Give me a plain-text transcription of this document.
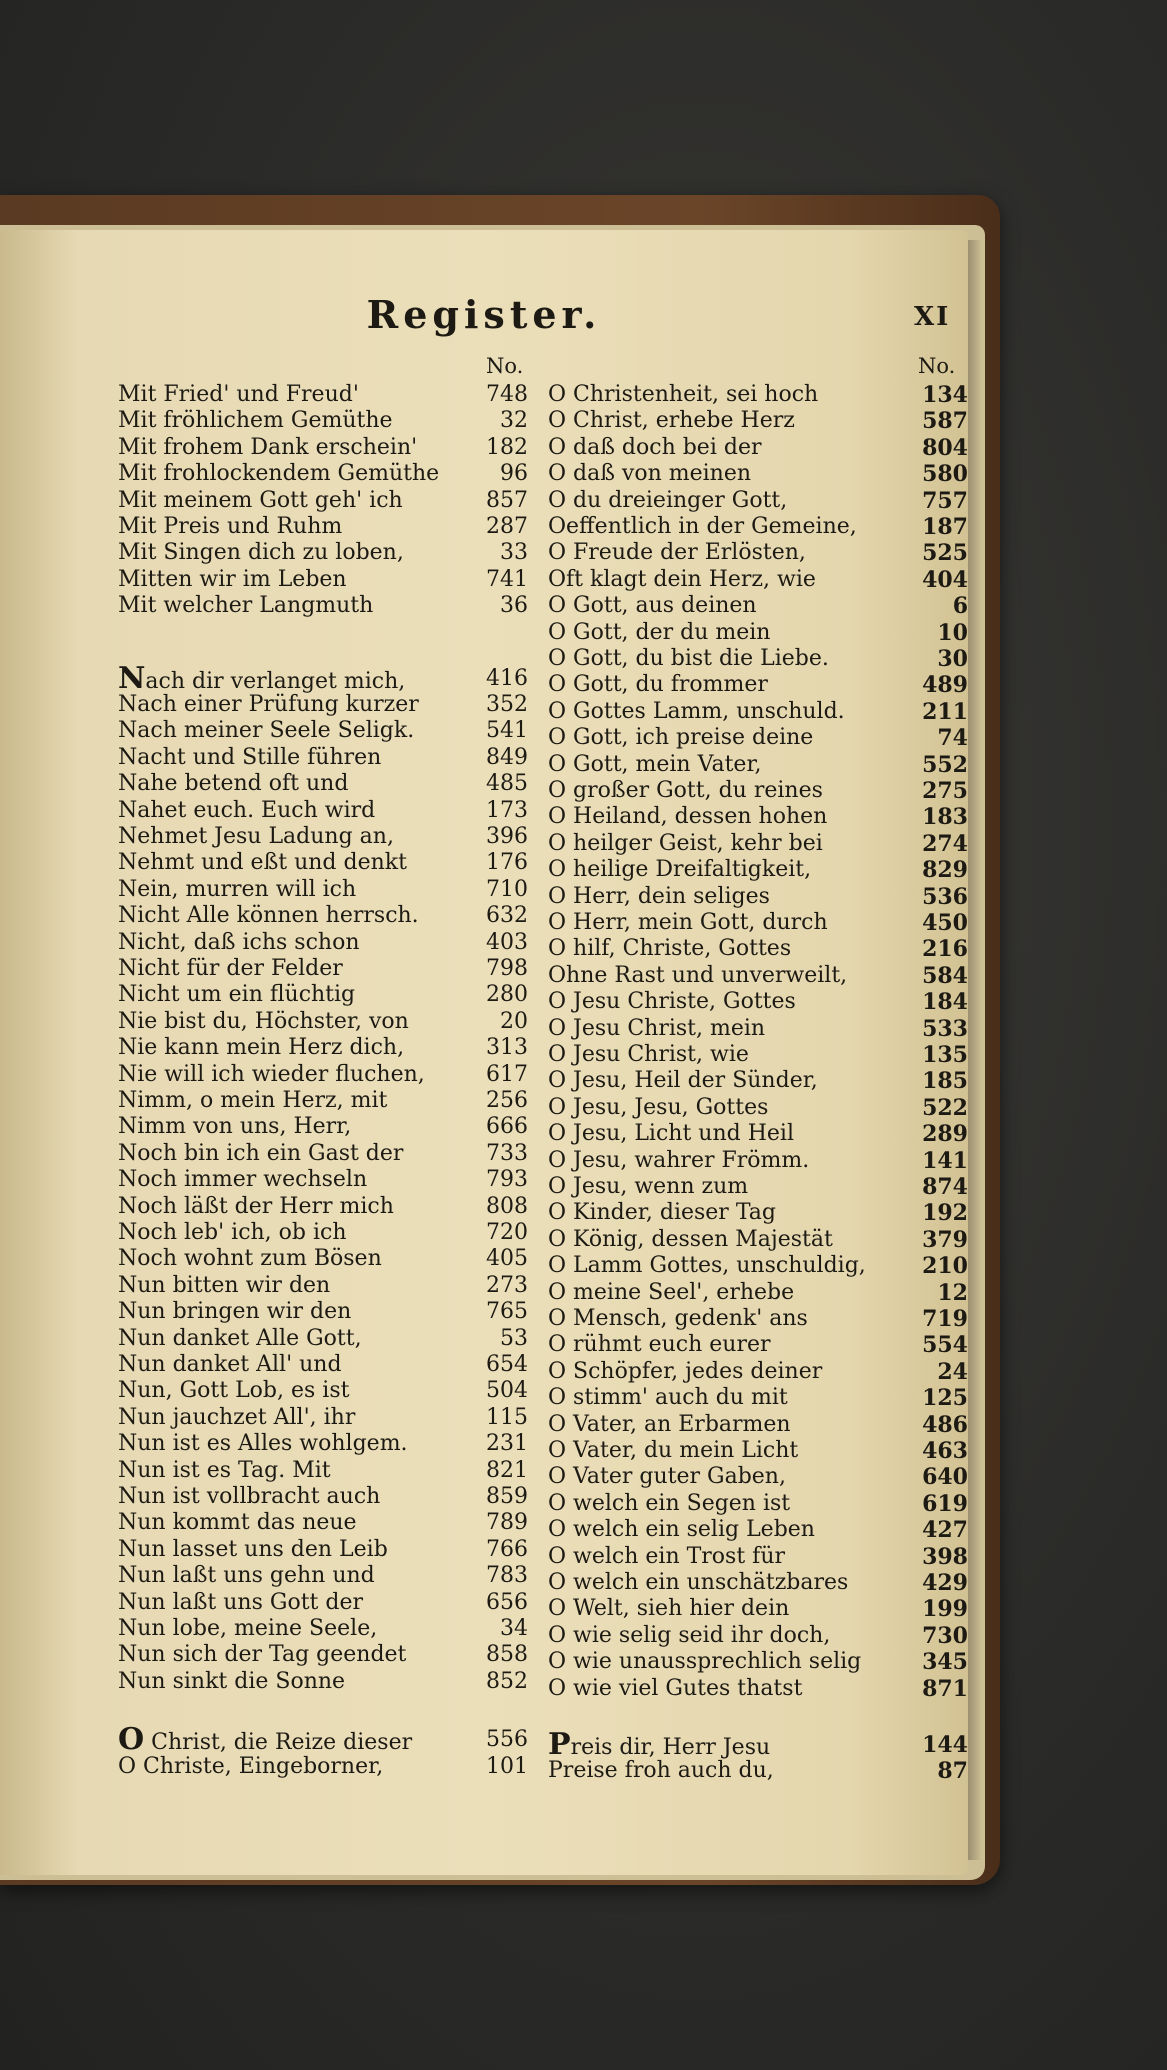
Register.	XI
No.	No.
Mit Fried' und Freud'	748
Mit fröhlichem Gemüthe	32
Mit frohem Dank erschein'	182
Mit frohlockendem Gemüthe	96
Mit meinem Gott geh' ich	857
Mit Preis und Ruhm	287
Mit Singen dich zu loben,	33
Mitten wir im Leben	741
Mit welcher Langmuth	36
Nach dir verlanget mich,	416
Nach einer Prüfung kurzer	352
Nach meiner Seele Seligk.	541
Nacht und Stille führen	849
Nahe betend oft und	485
Nahet euch. Euch wird	173
Nehmet Jesu Ladung an,	396
Nehmt und eßt und denkt	176
Nein, murren will ich	710
Nicht Alle können herrsch.	632
Nicht, daß ichs schon	403
Nicht für der Felder	798
Nicht um ein flüchtig	280
Nie bist du, Höchster, von	20
Nie kann mein Herz dich,	313
Nie will ich wieder fluchen,	617
Nimm, o mein Herz, mit	256
Nimm von uns, Herr,	666
Noch bin ich ein Gast der	733
Noch immer wechseln	793
Noch läßt der Herr mich	808
Noch leb' ich, ob ich	720
Noch wohnt zum Bösen	405
Nun bitten wir den	273
Nun bringen wir den	765
Nun danket Alle Gott,	53
Nun danket All' und	654
Nun, Gott Lob, es ist	504
Nun jauchzet All', ihr	115
Nun ist es Alles wohlgem.	231
Nun ist es Tag. Mit	821
Nun ist vollbracht auch	859
Nun kommt das neue	789
Nun lasset uns den Leib	766
Nun laßt uns gehn und	783
Nun laßt uns Gott der	656
Nun lobe, meine Seele,	34
Nun sich der Tag geendet	858
Nun sinkt die Sonne	852
O Christ, die Reize dieser	556
O Christe, Eingeborner,	101
O Christenheit, sei hoch	134
O Christ, erhebe Herz	587
O daß doch bei der	804
O daß von meinen	580
O du dreieinger Gott,	757
Oeffentlich in der Gemeine,	187
O Freude der Erlösten,	525
Oft klagt dein Herz, wie	404
O Gott, aus deinen	6
O Gott, der du mein	10
O Gott, du bist die Liebe.	30
O Gott, du frommer	489
O Gottes Lamm, unschuld.	211
O Gott, ich preise deine	74
O Gott, mein Vater,	552
O großer Gott, du reines	275
O Heiland, dessen hohen	183
O heilger Geist, kehr bei	274
O heilige Dreifaltigkeit,	829
O Herr, dein seliges	536
O Herr, mein Gott, durch	450
O hilf, Christe, Gottes	216
Ohne Rast und unverweilt,	584
O Jesu Christe, Gottes	184
O Jesu Christ, mein	533
O Jesu Christ, wie	135
O Jesu, Heil der Sünder,	185
O Jesu, Jesu, Gottes	522
O Jesu, Licht und Heil	289
O Jesu, wahrer Frömm.	141
O Jesu, wenn zum	874
O Kinder, dieser Tag	192
O König, dessen Majestät	379
O Lamm Gottes, unschuldig,	210
O meine Seel', erhebe	12
O Mensch, gedenk' ans	719
O rühmt euch eurer	554
O Schöpfer, jedes deiner	24
O stimm' auch du mit	125
O Vater, an Erbarmen	486
O Vater, du mein Licht	463
O Vater guter Gaben,	640
O welch ein Segen ist	619
O welch ein selig Leben	427
O welch ein Trost für	398
O welch ein unschätzbares	429
O Welt, sieh hier dein	199
O wie selig seid ihr doch,	730
O wie unaussprechlich selig	345
O wie viel Gutes thatst	871
Preis dir, Herr Jesu	144
Preise froh auch du,	87
